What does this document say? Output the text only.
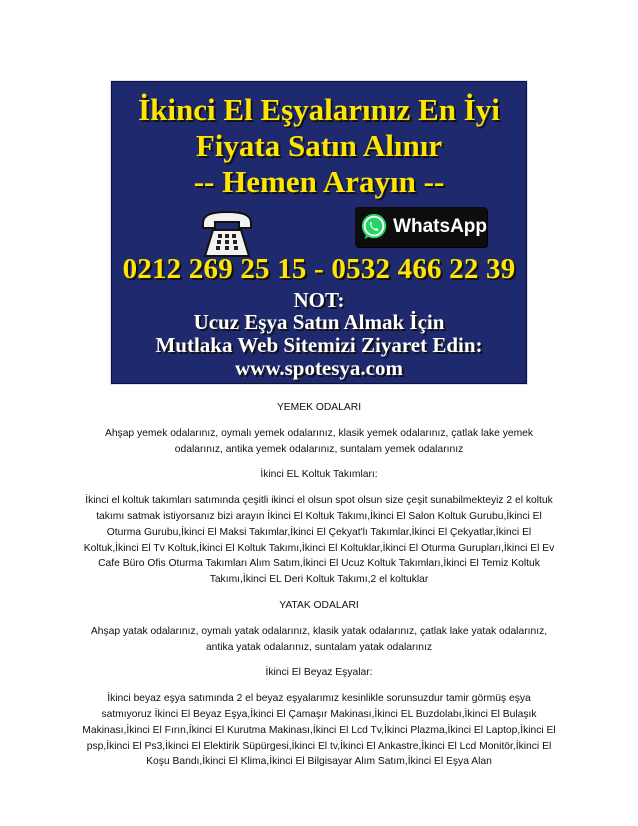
İkinci El Eşyalarınız En İyi
Fiyata Satın Alınır
-- Hemen Arayın --
WhatsApp
0212 269 25 15 - 0532 466 22 39
NOT:
Ucuz Eşya Satın Almak İçin
Mutlaka Web Sitemizi Ziyaret Edin:
www.spotesya.com

YEMEK ODALARI

Ahşap yemek odalarınız, oymalı yemek odalarınız, klasik yemek odalarınız, çatlak lake yemek odalarınız, antika yemek odalarınız, suntalam yemek odalarınız

İkinci EL Koltuk Takımları:

İkinci el koltuk takımları satımında çeşitli ikinci el olsun spot olsun size çeşit sunabilmekteyiz 2 el koltuk takımı satmak istiyorsanız bizi arayın İkinci El Koltuk Takımı,İkinci El Salon Koltuk Gurubu,İkinci El Oturma Gurubu,İkinci El Maksi Takımlar,İkinci El Çekyat'lı Takımlar,İkinci El Çekyatlar,İkinci El Koltuk,İkinci El Tv Koltuk,İkinci El Koltuk Takımı,İkinci El Koltuklar,İkinci El Oturma Gurupları,İkinci El Ev Cafe Büro Ofis Oturma Takımları Alım Satım,İkinci El Ucuz Koltuk Takımları,İkinci El Temiz Koltuk Takımı,İkinci EL Deri Koltuk Takımı,2 el koltuklar

YATAK ODALARI

Ahşap yatak odalarınız, oymalı yatak odalarınız, klasik yatak odalarınız, çatlak lake yatak odalarınız, antika yatak odalarınız, suntalam yatak odalarınız

İkinci El Beyaz Eşyalar:

İkinci beyaz eşya satımında 2 el beyaz eşyalarımız kesinlikle sorunsuzdur tamir görmüş eşya satmıyoruz İkinci El Beyaz Eşya,İkinci El Çamaşır Makinası,İkinci EL Buzdolabı,İkinci El Bulaşık Makinası,İkinci El Fırın,İkinci El Kurutma Makinası,İkinci El Lcd Tv,İkinci Plazma,İkinci El Laptop,İkinci El psp,İkinci El Ps3,İkinci El Elektirik Süpürgesi,İkinci El tv,İkinci El Ankastre,İkinci El Lcd Monitör,İkinci El Koşu Bandı,İkinci El Klima,İkinci El Bilgisayar Alım Satım,İkinci El Eşya Alan
